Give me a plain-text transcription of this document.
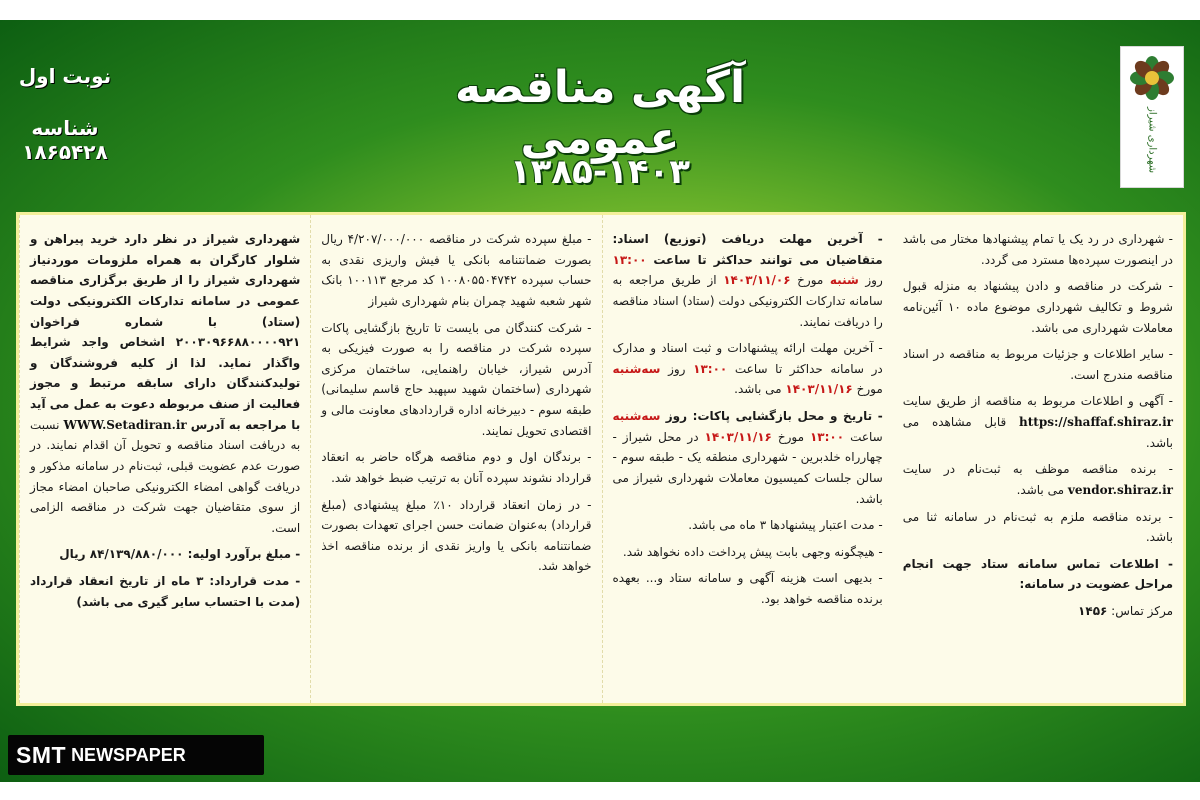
شهرداری شیراز
آگهی مناقصه عمومی
۱۳۸۵-۱۴۰۳
نوبت اول
شناسه ۱۸۶۵۴۲۸

شهرداری شیراز در نظر دارد خرید پیراهن و شلوار کارگران به همراه ملزومات موردنیاز شهرداری شیراز را از طریق برگزاری مناقصه عمومی در سامانه تدارکات الکترونیکی دولت (ستاد) با شماره فراخوان ۲۰۰۳۰۹۶۶۸۸۰۰۰۰۹۲۱ اشخاص واجد شرایط واگذار نماید. لذا از کلیه فروشندگان و تولیدکنندگان دارای سابقه مرتبط و مجوز فعالیت از صنف مربوطه دعوت به عمل می آید با مراجعه به آدرس WWW.Setadiran.ir نسبت به دریافت اسناد مناقصه و تحویل آن اقدام نمایند. در صورت عدم عضویت قبلی، ثبت‌نام در سامانه مذکور و دریافت گواهی امضاء الکترونیکی صاحبان امضاء مجاز از سوی متقاضیان جهت شرکت در مناقصه الزامی است.

- مبلغ برآورد اولیه: ۸۴/۱۳۹/۸۸۰/۰۰۰ ریال

- مدت قرارداد: ۳ ماه از تاریخ انعقاد قرارداد (مدت با احتساب سایر گیری می باشد)

- مبلغ سپرده شرکت در مناقصه ۴/۲۰۷/۰۰۰/۰۰۰ ریال بصورت ضمانتنامه بانکی یا فیش واریزی نقدی به حساب سپرده ۱۰۰۸۰۵۵۰۴۷۴۲ کد مرجع ۱۰۰۱۱۳ بانک شهر شعبه شهید چمران بنام شهرداری شیراز

- شرکت کنندگان می بایست تا تاریخ بازگشایی پاکات سپرده شرکت در مناقصه را به صورت فیزیکی به آدرس شیراز، خیابان راهنمایی، ساختمان مرکزی شهرداری (ساختمان شهید سپهبد حاج قاسم سلیمانی) طبقه سوم - دبیرخانه اداره قراردادهای معاونت مالی و اقتصادی تحویل نمایند.

- برندگان اول و دوم مناقصه هرگاه حاضر به انعقاد قرارداد نشوند سپرده آنان به ترتیب ضبط خواهد شد.

- در زمان انعقاد قرارداد ۱۰٪ مبلغ پیشنهادی (مبلغ قرارداد) به‌عنوان ضمانت حسن اجرای تعهدات بصورت ضمانتنامه بانکی یا واریز نقدی از برنده مناقصه اخذ خواهد شد.

- آخرین مهلت دریافت (توزیع) اسناد: متقاضیان می توانند حداکثر تا ساعت ۱۳:۰۰ روز شنبه مورخ ۱۴۰۳/۱۱/۰۶ از طریق مراجعه به سامانه تدارکات الکترونیکی دولت (ستاد) اسناد مناقصه را دریافت نمایند.

- آخرین مهلت ارائه پیشنهادات و ثبت اسناد و مدارک در سامانه حداکثر تا ساعت ۱۳:۰۰ روز سه‌شنبه مورخ ۱۴۰۳/۱۱/۱۶ می باشد.

- تاریخ و محل بازگشایی پاکات: روز سه‌شنبه ساعت ۱۳:۰۰ مورخ ۱۴۰۳/۱۱/۱۶ در محل شیراز - چهارراه خلدبرین - شهرداری منطقه یک - طبقه سوم - سالن جلسات کمیسیون معاملات شهرداری شیراز می باشد.

- مدت اعتبار پیشنهادها ۳ ماه می باشد.

- هیچگونه وجهی بابت پیش پرداخت داده نخواهد شد.

- بدیهی است هزینه آگهی و سامانه ستاد و... بعهده برنده مناقصه خواهد بود.

- شهرداری در رد یک یا تمام پیشنهادها مختار می باشد در اینصورت سپرده‌ها مسترد می گردد.

- شرکت در مناقصه و دادن پیشنهاد به منزله قبول شروط و تکالیف شهرداری موضوع ماده ۱۰ آئین‌نامه معاملات شهرداری می باشد.

- سایر اطلاعات و جزئیات مربوط به مناقصه در اسناد مناقصه مندرج است.

- آگهی و اطلاعات مربوط به مناقصه از طریق سایت https://shaffaf.shiraz.ir قابل مشاهده می باشد.

- برنده مناقصه موظف به ثبت‌نام در سایت vendor.shiraz.ir می باشد.

- برنده مناقصه ملزم به ثبت‌نام در سامانه ثنا می باشد.

- اطلاعات تماس سامانه ستاد جهت انجام مراحل عضویت در سامانه:

مرکز تماس: ۱۴۵۶

SMT NEWSPAPER
